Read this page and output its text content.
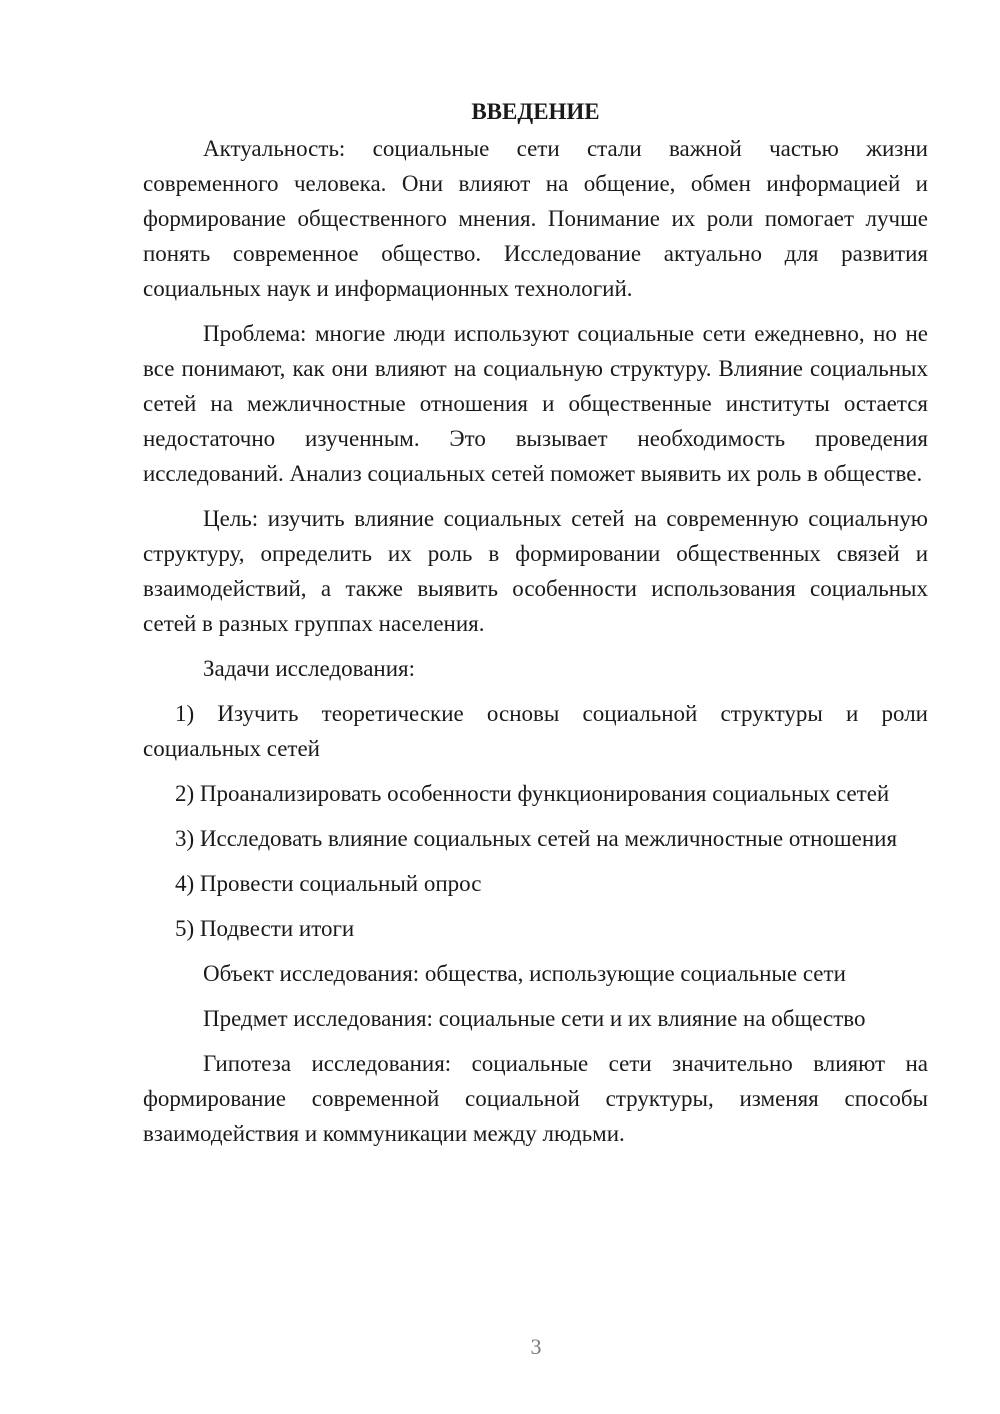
ВВЕДЕНИЕ

Актуальность: социальные сети стали важной частью жизни современного человека. Они влияют на общение, обмен информацией и формирование общественного мнения. Понимание их роли помогает лучше понять современное общество. Исследование актуально для развития социальных наук и информационных технологий.

Проблема: многие люди используют социальные сети ежедневно, но не все понимают, как они влияют на социальную структуру. Влияние социальных сетей на межличностные отношения и общественные институты остается недостаточно изученным. Это вызывает необходимость проведения исследований. Анализ социальных сетей поможет выявить их роль в обществе.

Цель: изучить влияние социальных сетей на современную социальную структуру, определить их роль в формировании общественных связей и взаимодействий, а также выявить особенности использования социальных сетей в разных группах населения.

Задачи исследования:

1) Изучить теоретические основы социальной структуры и роли социальных сетей

2) Проанализировать особенности функционирования социальных сетей

3) Исследовать влияние социальных сетей на межличностные отношения

4) Провести социальный опрос

5) Подвести итоги

Объект исследования: общества, использующие социальные сети

Предмет исследования: социальные сети и их влияние на общество

Гипотеза исследования: социальные сети значительно влияют на формирование современной социальной структуры, изменяя способы взаимодействия и коммуникации между людьми.

3
